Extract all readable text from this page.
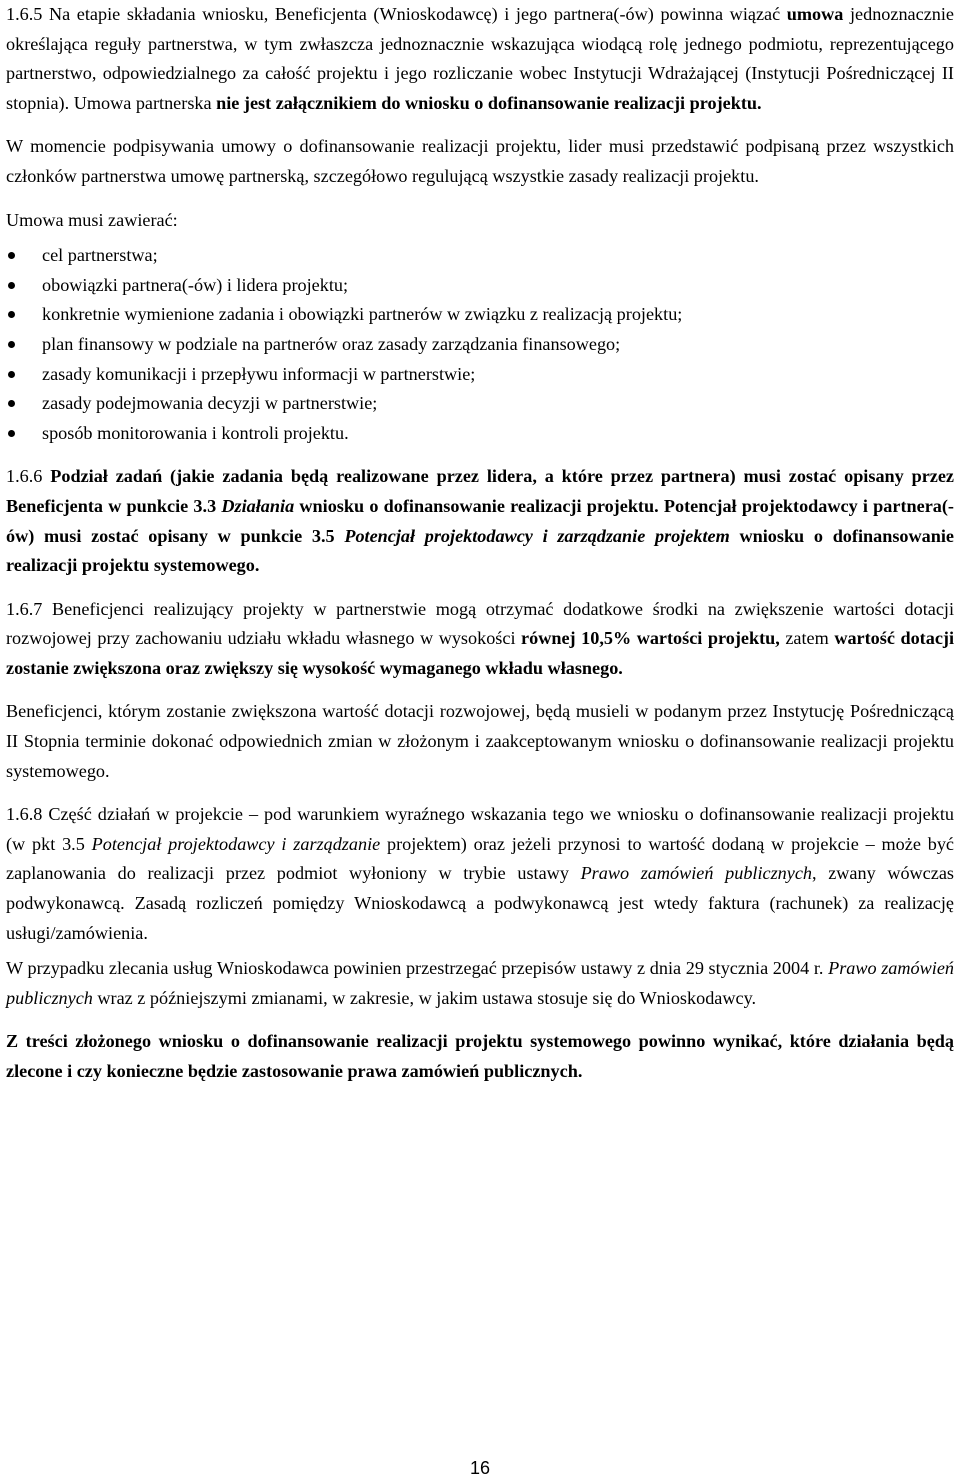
1.6.5 Na etapie składania wniosku, Beneficjenta (Wnioskodawcę) i jego partnera(-ów) powinna wiązać umowa jednoznacznie określająca reguły partnerstwa, w tym zwłaszcza jednoznacznie wskazująca wiodącą rolę jednego podmiotu, reprezentującego partnerstwo, odpowiedzialnego za całość projektu i jego rozliczanie wobec Instytucji Wdrażającej (Instytucji Pośredniczącej II stopnia). Umowa partnerska nie jest załącznikiem do wniosku o dofinansowanie realizacji projektu.

W momencie podpisywania umowy o dofinansowanie realizacji projektu, lider musi przedstawić podpisaną przez wszystkich członków partnerstwa umowę partnerską, szczegółowo regulującą wszystkie zasady realizacji projektu.

Umowa musi zawierać:

cel partnerstwa;
obowiązki partnera(-ów) i lidera projektu;
konkretnie wymienione zadania i obowiązki partnerów w związku z realizacją projektu;
plan finansowy w podziale na partnerów oraz zasady zarządzania finansowego;
zasady komunikacji i przepływu informacji w partnerstwie;
zasady podejmowania decyzji w partnerstwie;
sposób monitorowania i kontroli projektu.

1.6.6 Podział zadań (jakie zadania będą realizowane przez lidera, a które przez partnera) musi zostać opisany przez Beneficjenta w punkcie 3.3 Działania wniosku o dofinansowanie realizacji projektu. Potencjał projektodawcy i partnera(-ów) musi zostać opisany w punkcie 3.5 Potencjał projektodawcy i zarządzanie projektem wniosku o dofinansowanie realizacji projektu systemowego.

1.6.7 Beneficjenci realizujący projekty w partnerstwie mogą otrzymać dodatkowe środki na zwiększenie wartości dotacji rozwojowej przy zachowaniu udziału wkładu własnego w wysokości równej 10,5% wartości projektu, zatem wartość dotacji zostanie zwiększona oraz zwiększy się wysokość wymaganego wkładu własnego.

Beneficjenci, którym zostanie zwiększona wartość dotacji rozwojowej, będą musieli w podanym przez Instytucję Pośredniczącą II Stopnia terminie dokonać odpowiednich zmian w złożonym i zaakceptowanym wniosku o dofinansowanie realizacji projektu systemowego.

1.6.8 Część działań w projekcie – pod warunkiem wyraźnego wskazania tego we wniosku o dofinansowanie realizacji projektu (w pkt 3.5 Potencjał projektodawcy i zarządzanie projektem) oraz jeżeli przynosi to wartość dodaną w projekcie – może być zaplanowania do realizacji przez podmiot wyłoniony w trybie ustawy Prawo zamówień publicznych, zwany wówczas podwykonawcą. Zasadą rozliczeń pomiędzy Wnioskodawcą a podwykonawcą jest wtedy faktura (rachunek) za realizację usługi/zamówienia.

W przypadku zlecania usług Wnioskodawca powinien przestrzegać przepisów ustawy z dnia 29 stycznia 2004 r. Prawo zamówień publicznych wraz z późniejszymi zmianami, w zakresie, w jakim ustawa stosuje się do Wnioskodawcy.

Z treści złożonego wniosku o dofinansowanie realizacji projektu systemowego powinno wynikać, które działania będą zlecone i czy konieczne będzie zastosowanie prawa zamówień publicznych.

16
